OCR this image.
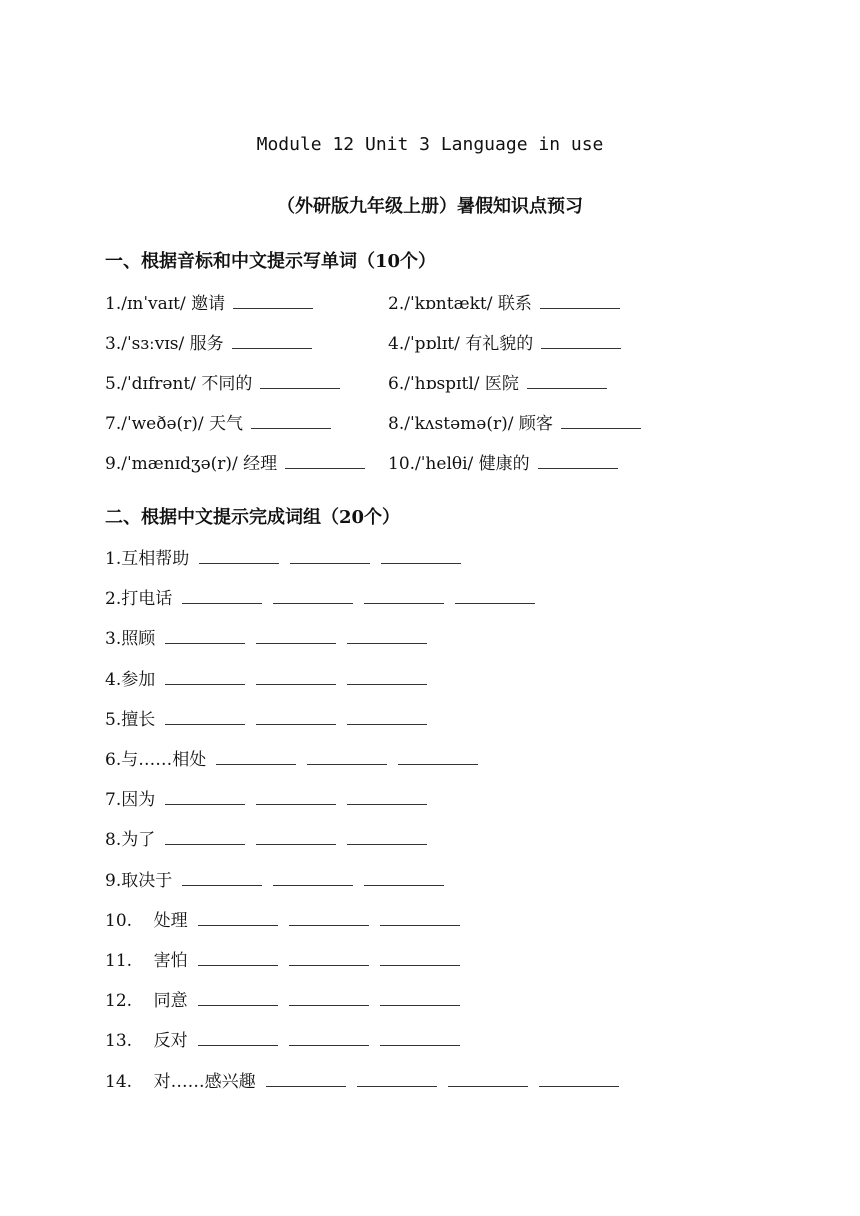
Module 12 Unit 3 Language in use
（外研版九年级上册）暑假知识点预习
一、根据音标和中文提示写单词（10个）
1./ɪnˈvaɪt/ 邀请	2./ˈkɒntækt/ 联系
3./ˈsɜːvɪs/ 服务	4./ˈpɒlɪt/ 有礼貌的
5./ˈdɪfrənt/ 不同的	6./ˈhɒspɪtl/ 医院
7./ˈweðə(r)/ 天气	8./ˈkʌstəmə(r)/ 顾客
9./ˈmænɪdʒə(r)/ 经理	10./ˈhelθi/ 健康的
二、根据中文提示完成词组（20个）
1.互相帮助
2.打电话
3.照顾
4.参加
5.擅长
6.与……相处
7.因为
8.为了
9.取决于
10.    处理
11.    害怕
12.    同意
13.    反对
14.    对……感兴趣
